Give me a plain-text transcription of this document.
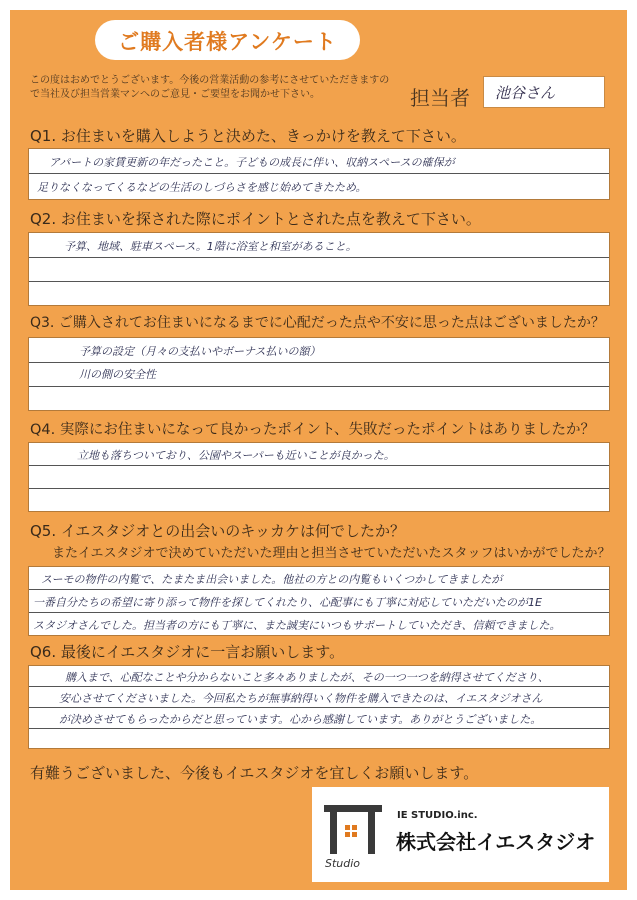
ご購入者様アンケート
この度はおめでとうございます。今後の営業活動の参考にさせていただきますので当社及び担当営業マンへのご意見・ご要望をお聞かせ下さい。	担当者 池谷さん
Q1. お住まいを購入しようと決めた、きっかけを教えて下さい。
アパートの家賃更新の年だったこと。子どもの成長に伴い、収納スペースの確保が
足りなくなってくるなどの生活のしづらさを感じ始めてきたため。
Q2. お住まいを探された際にポイントとされた点を教えて下さい。
予算、地域、駐車スペース。1階に浴室と和室があること。
Q3. ご購入されてお住まいになるまでに心配だった点や不安に思った点はございましたか？
予算の設定（月々の支払いやボーナス払いの額）
川の側の安全性
Q4. 実際にお住まいになって良かったポイント、失敗だったポイントはありましたか？
立地も落ちついており、公園やスーパーも近いことが良かった。
Q5. イエスタジオとの出会いのキッカケは何でしたか？
またイエスタジオで決めていただいた理由と担当させていただいたスタッフはいかがでしたか？
スーモの物件の内覧で、たまたま出会いました。他社の方との内覧もいくつかしてきましたが
一番自分たちの希望に寄り添って物件を探してくれたり、心配事にも丁寧に対応していただいたのが1E
スタジオさんでした。担当者の方にも丁寧に、また誠実にいつもサポートしていただき、信頼できました。
Q6. 最後にイエスタジオに一言お願いします。
購入まで、心配なことや分からないこと多々ありましたが、その一つ一つを納得させてくださり、
安心させてくださいました。今回私たちが無事納得いく物件を購入できたのは、イエスタジオさん
が決めさせてもらったからだと思っています。心から感謝しています。ありがとうございました。
有難うございました、今後もイエスタジオを宜しくお願いします。
IE STUDIO.inc.
株式会社イエスタジオ
Studio
